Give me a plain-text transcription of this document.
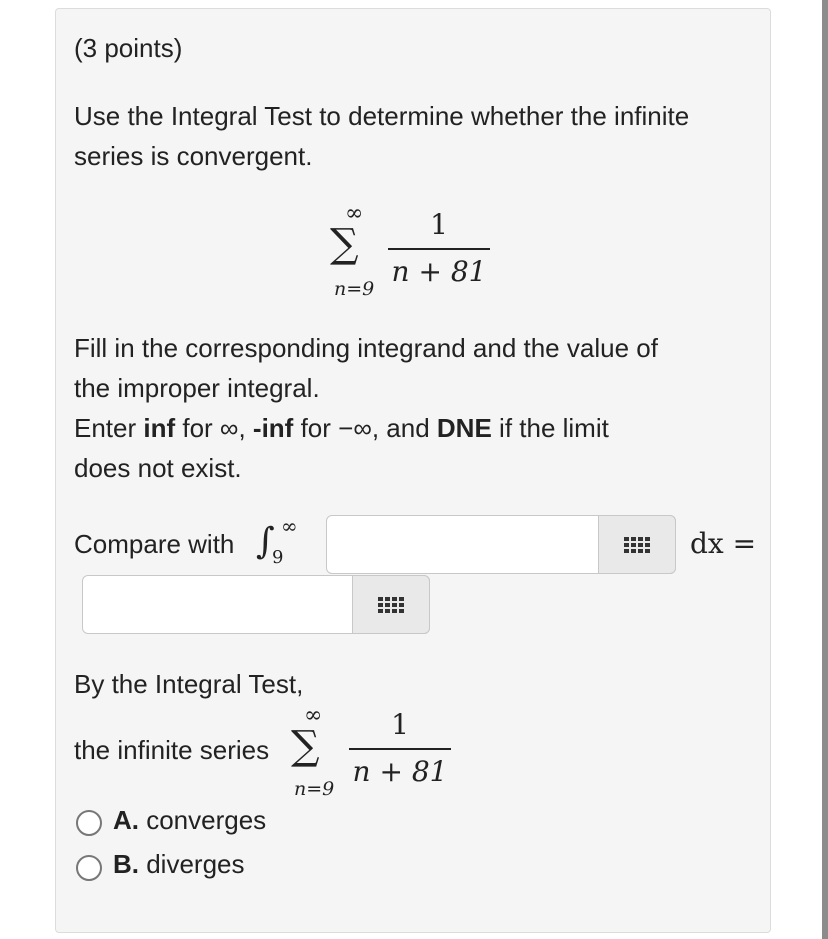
(3 points)
Use the Integral Test to determine whether the infinite
series is convergent.
∞
∑
n=9
1
n + 81
Fill in the corresponding integrand and the value of
the improper integral.
Enter inf for ∞, -inf for −∞, and DNE if the limit
does not exist.
Compare with ∫ ∞
9	dx =
By the Integral Test,
the infinite series
∞
∑
n=9
1
n + 81
A. converges
B. diverges
